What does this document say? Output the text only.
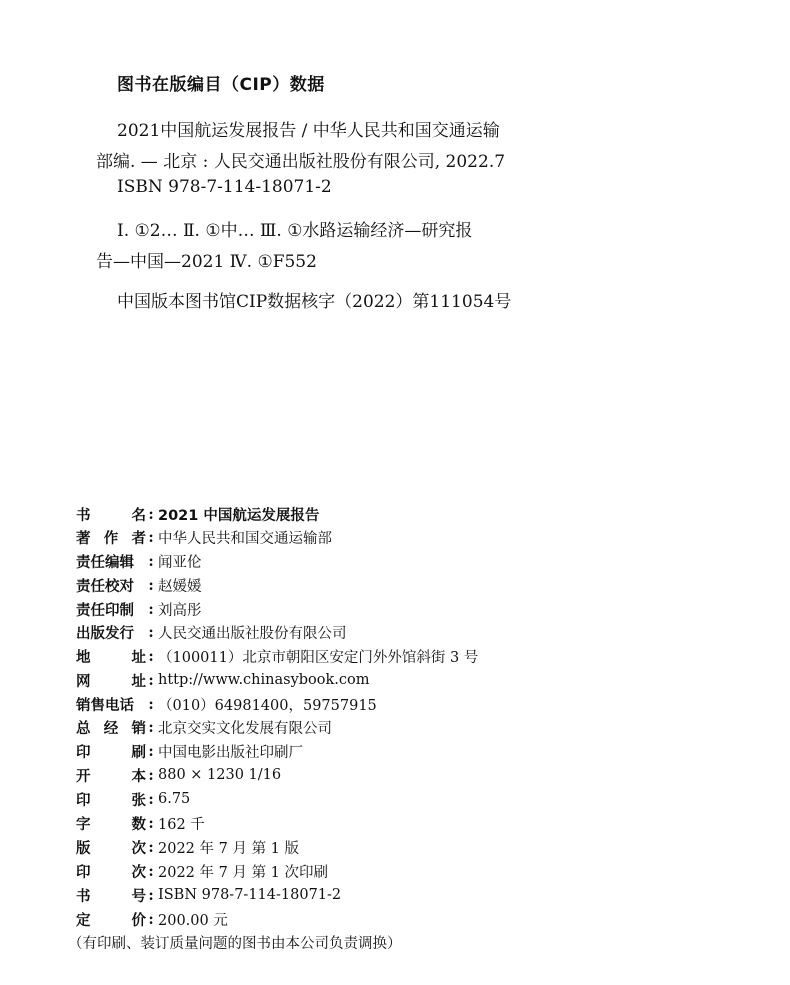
图书在版编目（CIP）数据
2021中国航运发展报告 / 中华人民共和国交通运输
部编. — 北京 : 人民交通出版社股份有限公司, 2022.7
ISBN 978-7-114-18071-2
Ⅰ. ①2… Ⅱ. ①中… Ⅲ. ①水路运输经济—研究报
告—中国—2021 Ⅳ. ①F552
中国版本图书馆CIP数据核字（2022）第111054号
书	名 : 2021 中国航运发展报告
著 作 者 : 中华人民共和国交通运输部
责任编辑 : 闻亚伦
责任校对 : 赵媛媛
责任印制 : 刘高彤
出版发行 : 人民交通出版社股份有限公司
地	址 : （100011）北京市朝阳区安定门外外馆斜街 3 号
网	址 : http://www.chinasybook.com
销售电话 : （010）64981400，59757915
总 经 销 : 北京交实文化发展有限公司
印	刷 : 中国电影出版社印刷厂
开	本 : 880 × 1230 1/16
印	张 : 6.75
字	数 : 162 千
版	次 : 2022 年 7 月 第 1 版
印	次 : 2022 年 7 月 第 1 次印刷
书	号 : ISBN 978-7-114-18071-2
定	价 : 200.00 元
（有印刷、装订质量问题的图书由本公司负责调换）
